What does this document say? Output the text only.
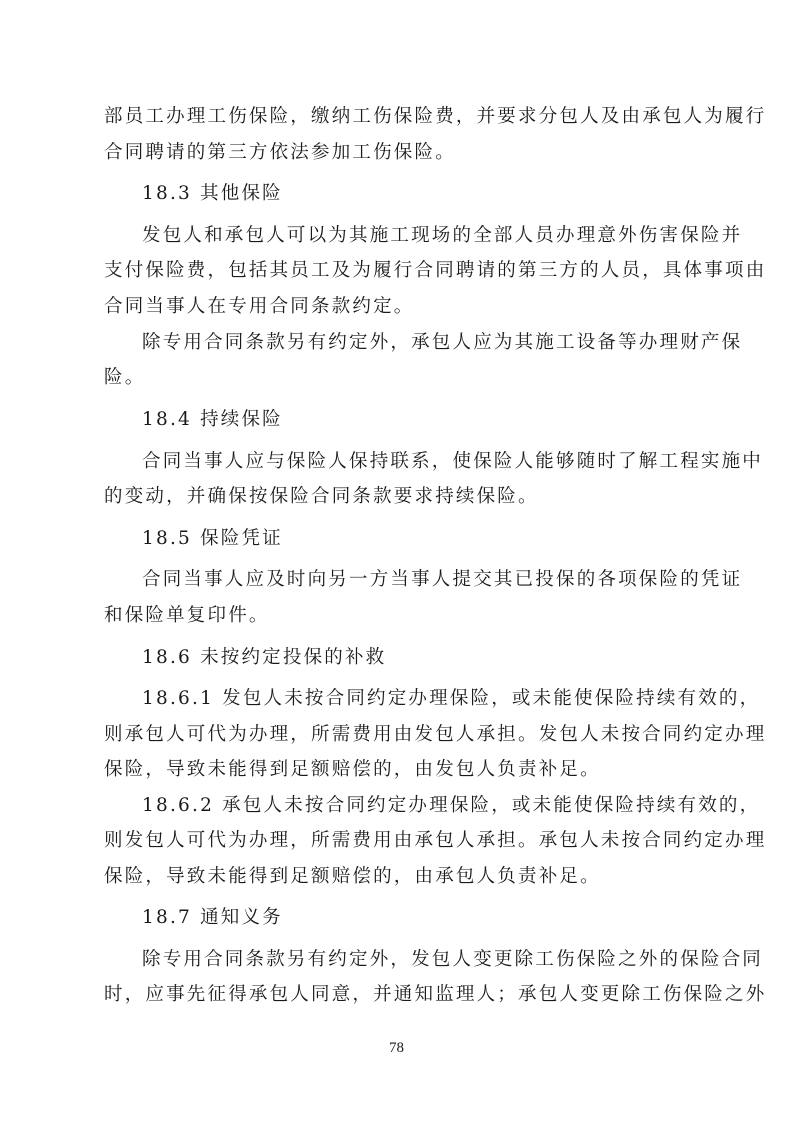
部员工办理工伤保险，缴纳工伤保险费，并要求分包人及由承包人为履行
合同聘请的第三方依法参加工伤保险。
18.3 其他保险
发包人和承包人可以为其施工现场的全部人员办理意外伤害保险并
支付保险费，包括其员工及为履行合同聘请的第三方的人员，具体事项由
合同当事人在专用合同条款约定。
除专用合同条款另有约定外，承包人应为其施工设备等办理财产保
险。
18.4 持续保险
合同当事人应与保险人保持联系，使保险人能够随时了解工程实施中
的变动，并确保按保险合同条款要求持续保险。
18.5 保险凭证
合同当事人应及时向另一方当事人提交其已投保的各项保险的凭证
和保险单复印件。
18.6 未按约定投保的补救
18.6.1 发包人未按合同约定办理保险，或未能使保险持续有效的，
则承包人可代为办理，所需费用由发包人承担。发包人未按合同约定办理
保险，导致未能得到足额赔偿的，由发包人负责补足。
18.6.2 承包人未按合同约定办理保险，或未能使保险持续有效的，
则发包人可代为办理，所需费用由承包人承担。承包人未按合同约定办理
保险，导致未能得到足额赔偿的，由承包人负责补足。
18.7 通知义务
除专用合同条款另有约定外，发包人变更除工伤保险之外的保险合同
时，应事先征得承包人同意，并通知监理人；承包人变更除工伤保险之外
78
